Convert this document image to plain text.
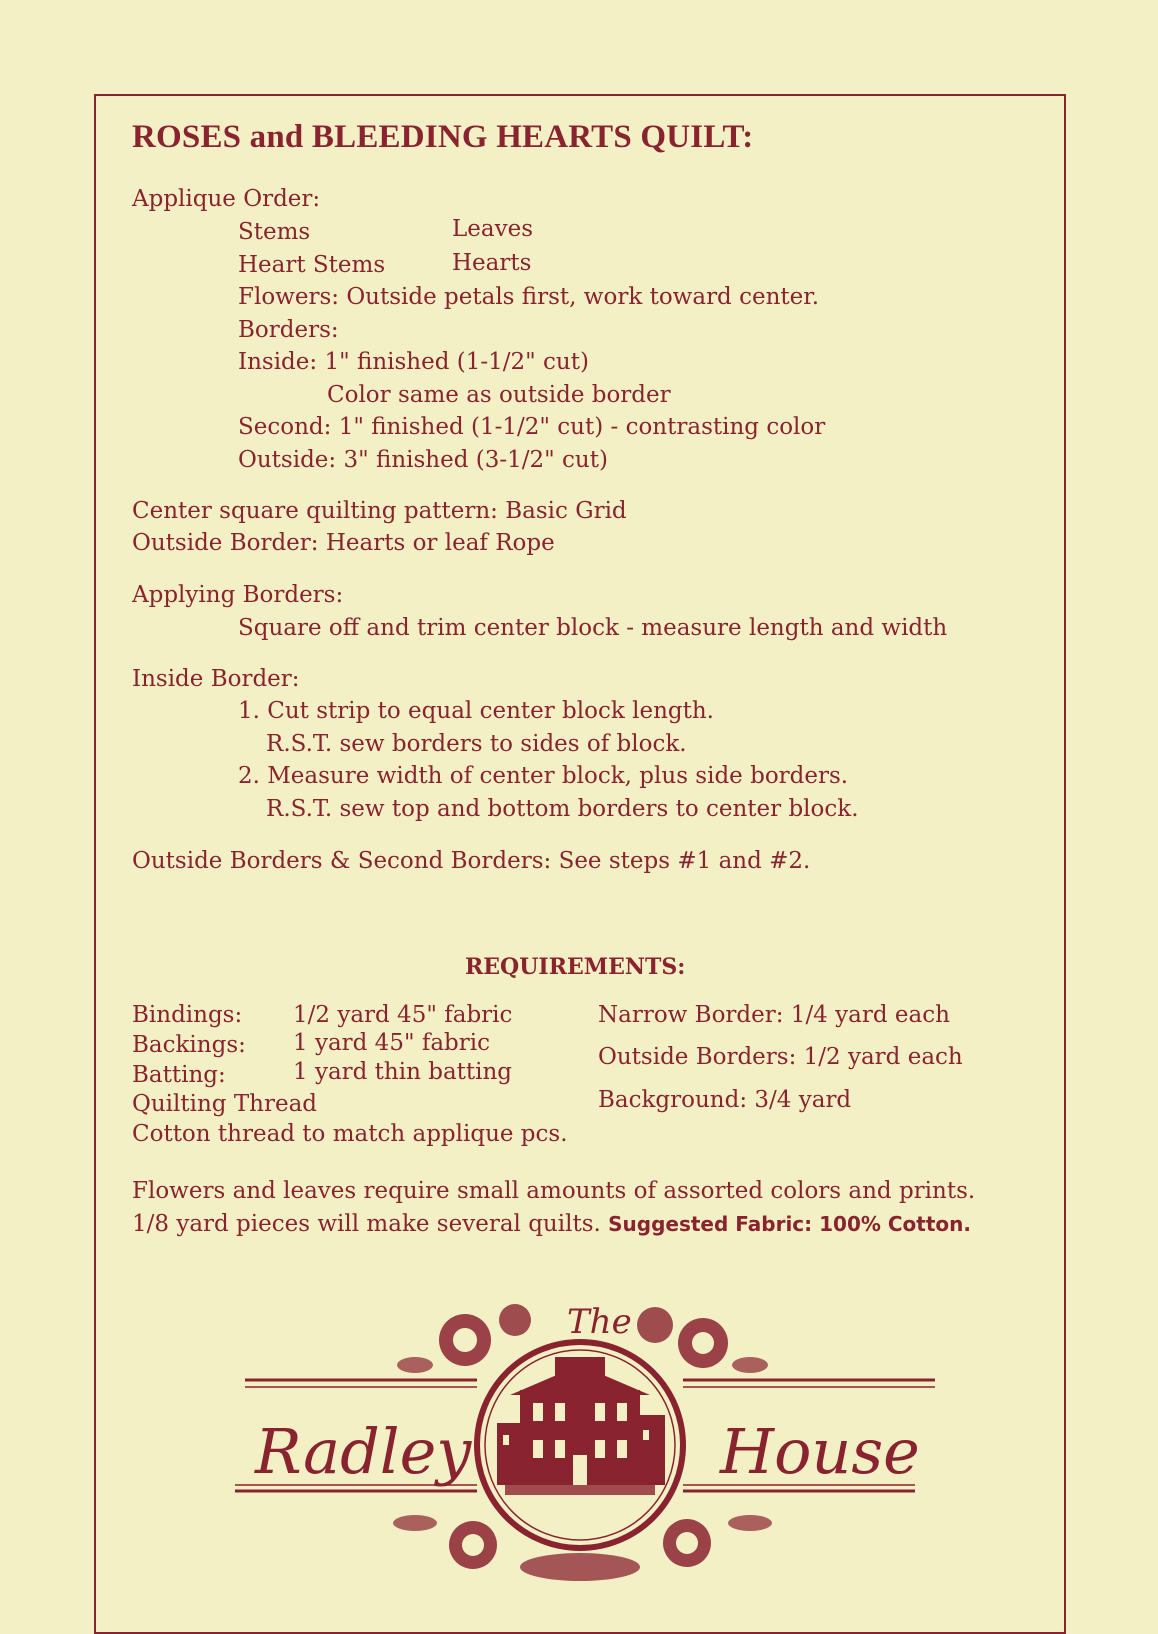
ROSES and BLEEDING HEARTS QUILT:
Applique Order:
Stems	Leaves
Heart Stems	Hearts
Flowers: Outside petals first, work toward center.
Borders:
Inside: 1" finished (1-1/2" cut)
Color same as outside border
Second: 1" finished (1-1/2" cut) - contrasting color
Outside: 3" finished (3-1/2" cut)
Center square quilting pattern: Basic Grid
Outside Border: Hearts or leaf Rope
Applying Borders:
Square off and trim center block - measure length and width
Inside Border:
1. Cut strip to equal center block length.
R.S.T. sew borders to sides of block.
2. Measure width of center block, plus side borders.
R.S.T. sew top and bottom borders to center block.
Outside Borders & Second Borders: See steps #1 and #2.
REQUIREMENTS:
Bindings: 1/2 yard 45" fabric
Backings: 1 yard 45" fabric
Batting:	1 yard thin batting
Quilting Thread
Cotton thread to match applique pcs.
Narrow Border: 1/4 yard each
Outside Borders: 1/2 yard each
Background: 3/4 yard
Flowers and leaves require small amounts of assorted colors and prints.
1/8 yard pieces will make several quilts. Suggested Fabric: 100% Cotton.
The
Radley	House
